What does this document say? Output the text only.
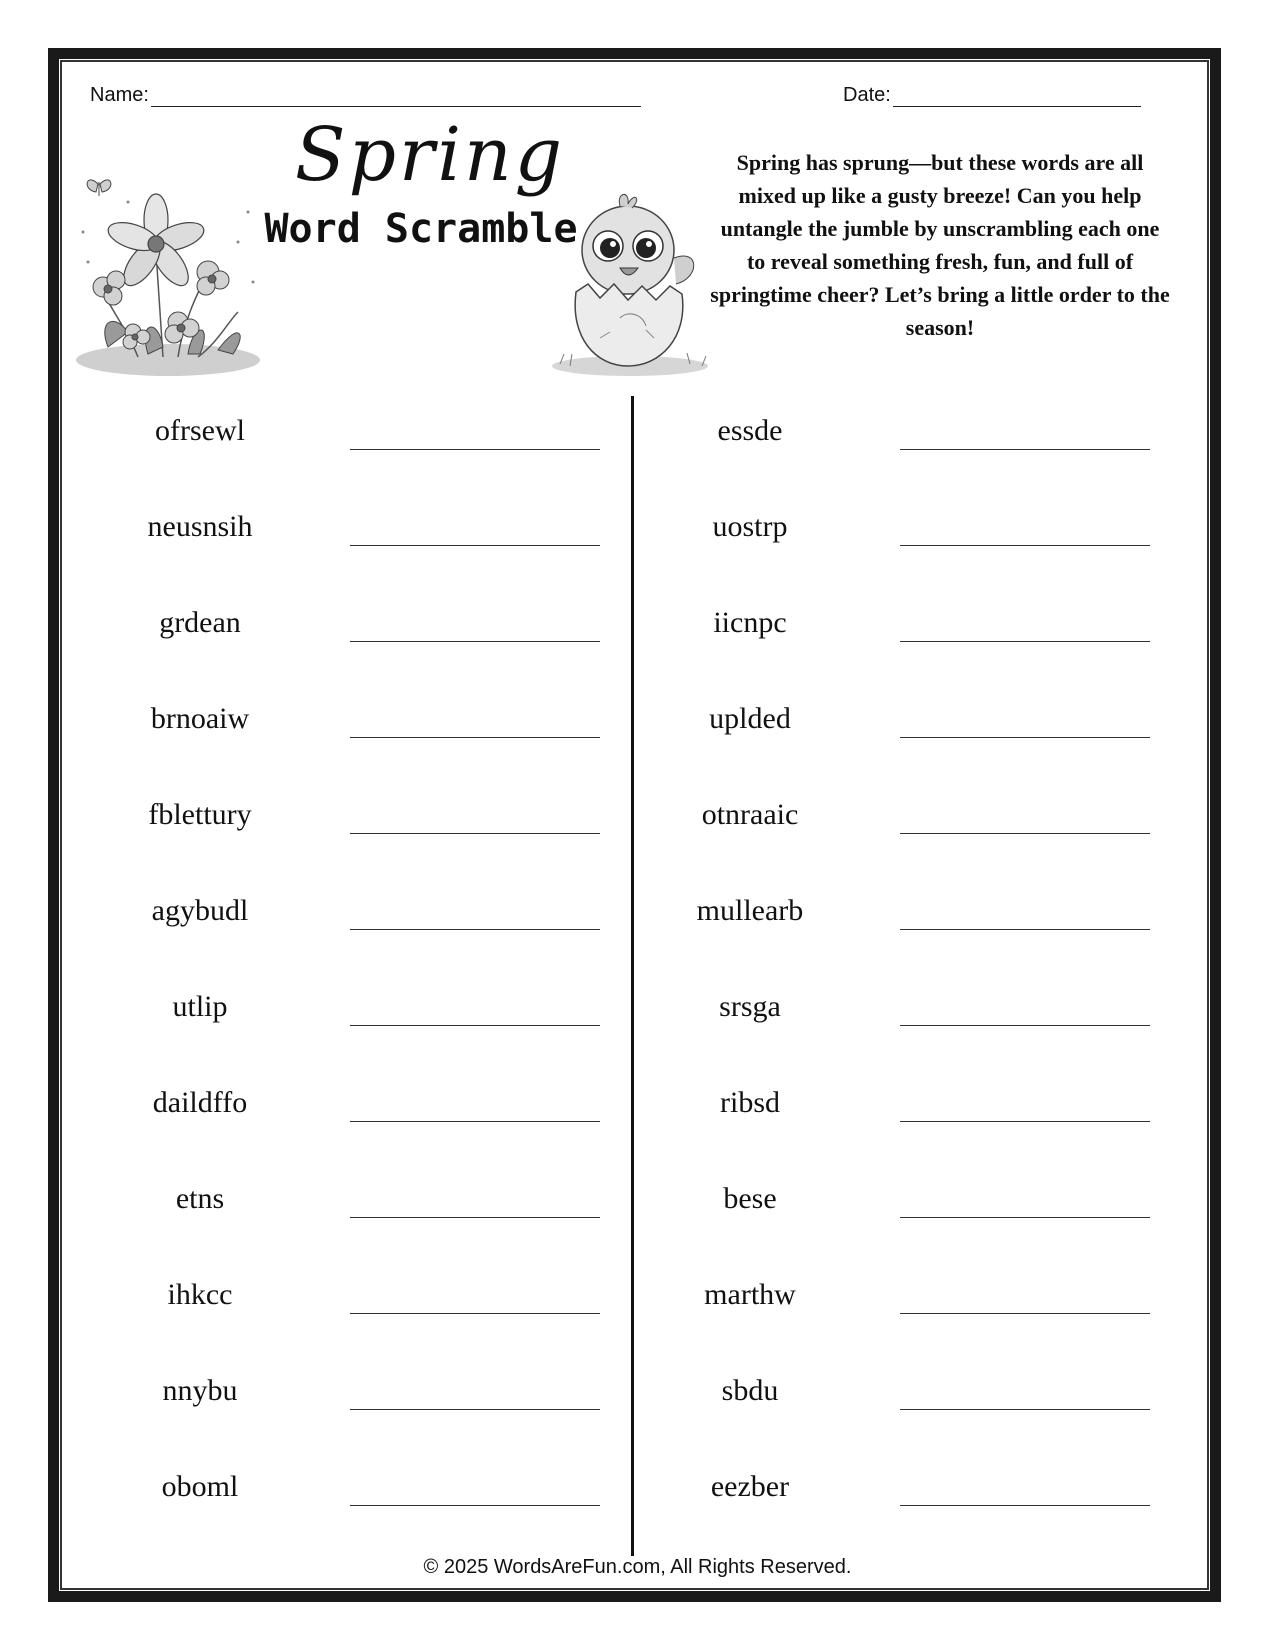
Name:	Date:
Spring
Word Scramble
Spring has sprung—but these words are all mixed up like a gusty breeze! Can you help untangle the jumble by unscrambling each one to reveal something fresh, fun, and full of springtime cheer? Let’s bring a little order to the season!
ofrsewl
neusnsih
grdean
brnoaiw
fblettury
agybudl
utlip
daildffo
etns
ihkcc
nnybu
oboml
essde
uostrp
iicnpc
uplded
otnraaic
mullearb
srsga
ribsd
bese
marthw
sbdu
eezber
© 2025 WordsAreFun.com, All Rights Reserved.
